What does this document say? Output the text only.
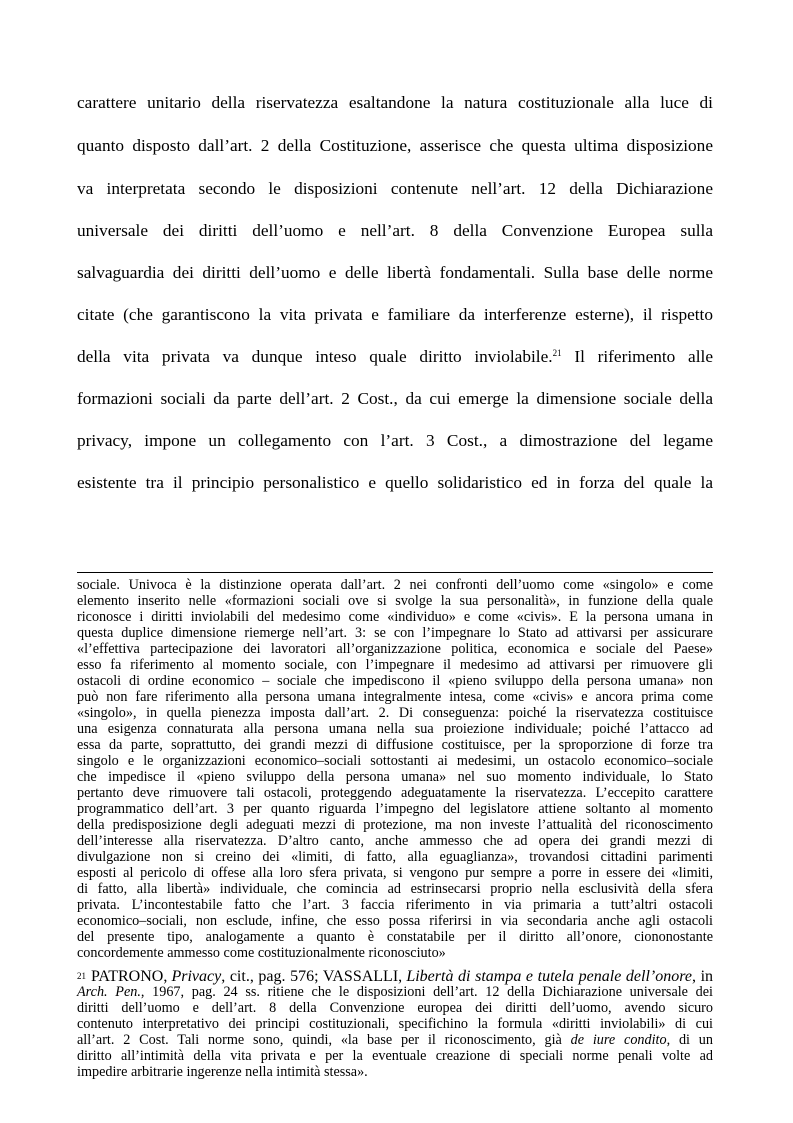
carattere unitario della riservatezza esaltandone la natura costituzionale alla luce di
quanto disposto dall’art. 2 della Costituzione, asserisce che questa ultima disposizione
va interpretata secondo le disposizioni contenute nell’art. 12 della Dichiarazione
universale dei diritti dell’uomo e nell’art. 8 della Convenzione Europea sulla
salvaguardia dei diritti dell’uomo e delle libertà fondamentali. Sulla base delle norme
citate (che garantiscono la vita privata e familiare da interferenze esterne), il rispetto
della vita privata va dunque inteso quale diritto inviolabile.$^{21}$ Il riferimento alle
formazioni sociali da parte dell’art. 2 Cost., da cui emerge la dimensione sociale della
privacy, impone un collegamento con l’art. 3 Cost., a dimostrazione del legame
esistente tra il principio personalistico e quello solidaristico ed in forza del quale la
sociale. Univoca è la distinzione operata dall’art. 2 nei confronti dell’uomo come «singolo» e come
elemento inserito nelle «formazioni sociali ove si svolge la sua personalità», in funzione della quale
riconosce i diritti inviolabili del medesimo come «individuo» e come «civis». E la persona umana in
questa duplice dimensione riemerge nell’art. 3: se con l’impegnare lo Stato ad attivarsi per assicurare
«l’effettiva partecipazione dei lavoratori all’organizzazione politica, economica e sociale del Paese»
esso fa riferimento al momento sociale, con l’impegnare il medesimo ad attivarsi per rimuovere gli
ostacoli di ordine economico – sociale che impediscono il «pieno sviluppo della persona umana» non
può non fare riferimento alla persona umana integralmente intesa, come «civis» e ancora prima come
«singolo», in quella pienezza imposta dall’art. 2. Di conseguenza: poiché la riservatezza costituisce
una esigenza connaturata alla persona umana nella sua proiezione individuale; poiché l’attacco ad
essa da parte, soprattutto, dei grandi mezzi di diffusione costituisce, per la sproporzione di forze tra
singolo e le organizzazioni economico–sociali sottostanti ai medesimi, un ostacolo economico–sociale
che impedisce il «pieno sviluppo della persona umana» nel suo momento individuale, lo Stato
pertanto deve rimuovere tali ostacoli, proteggendo adeguatamente la riservatezza. L’eccepito carattere
programmatico dell’art. 3 per quanto riguarda l’impegno del legislatore attiene soltanto al momento
della predisposizione degli adeguati mezzi di protezione, ma non investe l’attualità del riconoscimento
dell’interesse alla riservatezza. D’altro canto, anche ammesso che ad opera dei grandi mezzi di
divulgazione non si creino dei «limiti, di fatto, alla eguaglianza», trovandosi cittadini parimenti
esposti al pericolo di offese alla loro sfera privata, si vengono pur sempre a porre in essere dei «limiti,
di fatto, alla libertà» individuale, che comincia ad estrinsecarsi proprio nella esclusività della sfera
privata. L’incontestabile fatto che l’art. 3 faccia riferimento in via primaria a tutt’altri ostacoli
economico–sociali, non esclude, infine, che esso possa riferirsi in via secondaria anche agli ostacoli
del presente tipo, analogamente a quanto è constatabile per il diritto all’onore, ciononostante
concordemente ammesso come costituzionalmente riconosciuto»
21 PATRONO, Privacy, cit., pag. 576; VASSALLI, Libertà di stampa e tutela penale dell’onore, in
Arch. Pen., 1967, pag. 24 ss. ritiene che le disposizioni dell’art. 12 della Dichiarazione universale dei
diritti dell’uomo e dell’art. 8 della Convenzione europea dei diritti dell’uomo, avendo sicuro
contenuto interpretativo dei principi costituzionali, specifichino la formula «diritti inviolabili» di cui
all’art. 2 Cost. Tali norme sono, quindi, «la base per il riconoscimento, già de iure condito, di un
diritto all’intimità della vita privata e per la eventuale creazione di speciali norme penali volte ad
impedire arbitrarie ingerenze nella intimità stessa».
